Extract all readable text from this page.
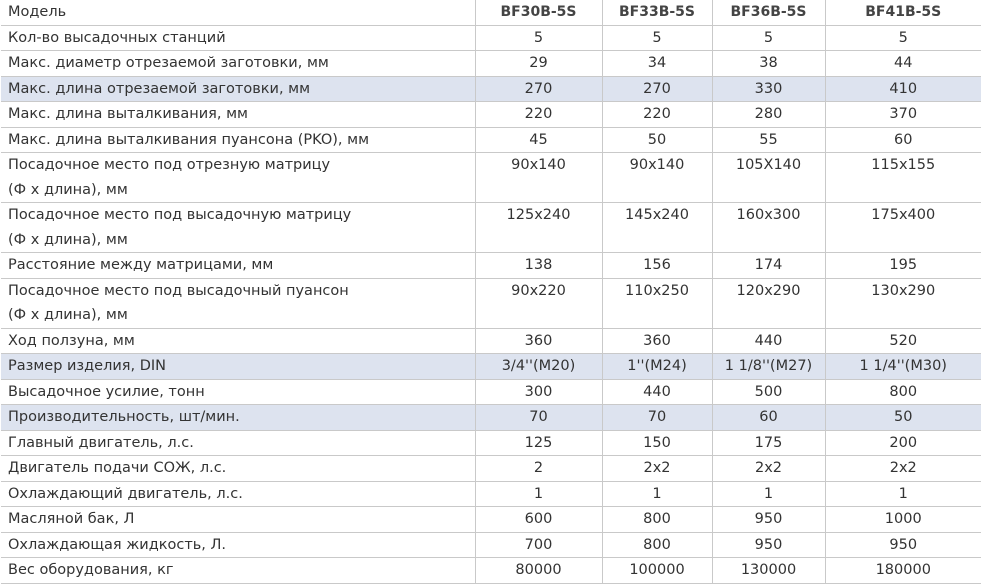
Модель	BF30B-5S	BF33B-5S	BF36B-5S	BF41B-5S
Кол-во высадочных станций	5	5	5	5
Макс. диаметр отрезаемой заготовки, мм	29	34	38	44
Макс. длина отрезаемой заготовки, мм	270	270	330	410
Макс. длина выталкивания, мм	220	220	280	370
Макс. длина выталкивания пуансона (PKO), мм	45	50	55	60
Посадочное место под отрезную матрицу
(Ф х длина), мм	90x140	90x140	105X140	115x155
Посадочное место под высадочную матрицу
(Ф х длина), мм	125x240	145x240	160x300	175x400
Расстояние между матрицами, мм	138	156	174	195
Посадочное место под высадочный пуансон
(Ф х длина), мм	90x220	110x250	120x290	130x290
Ход ползуна, мм	360	360	440	520
Размер изделия, DIN	3/4''(M20)	1''(M24)	1 1/8''(M27)	1 1/4''(M30)
Высадочное усилие, тонн	300	440	500	800
Производительность, шт/мин.	70	70	60	50
Главный двигатель, л.с.	125	150	175	200
Двигатель подачи СОЖ, л.с.	2	2x2	2x2	2x2
Охлаждающий двигатель, л.с.	1	1	1	1
Масляной бак, Л	600	800	950	1000
Охлаждающая жидкость, Л.	700	800	950	950
Вес оборудования, кг	80000	100000	130000	180000
